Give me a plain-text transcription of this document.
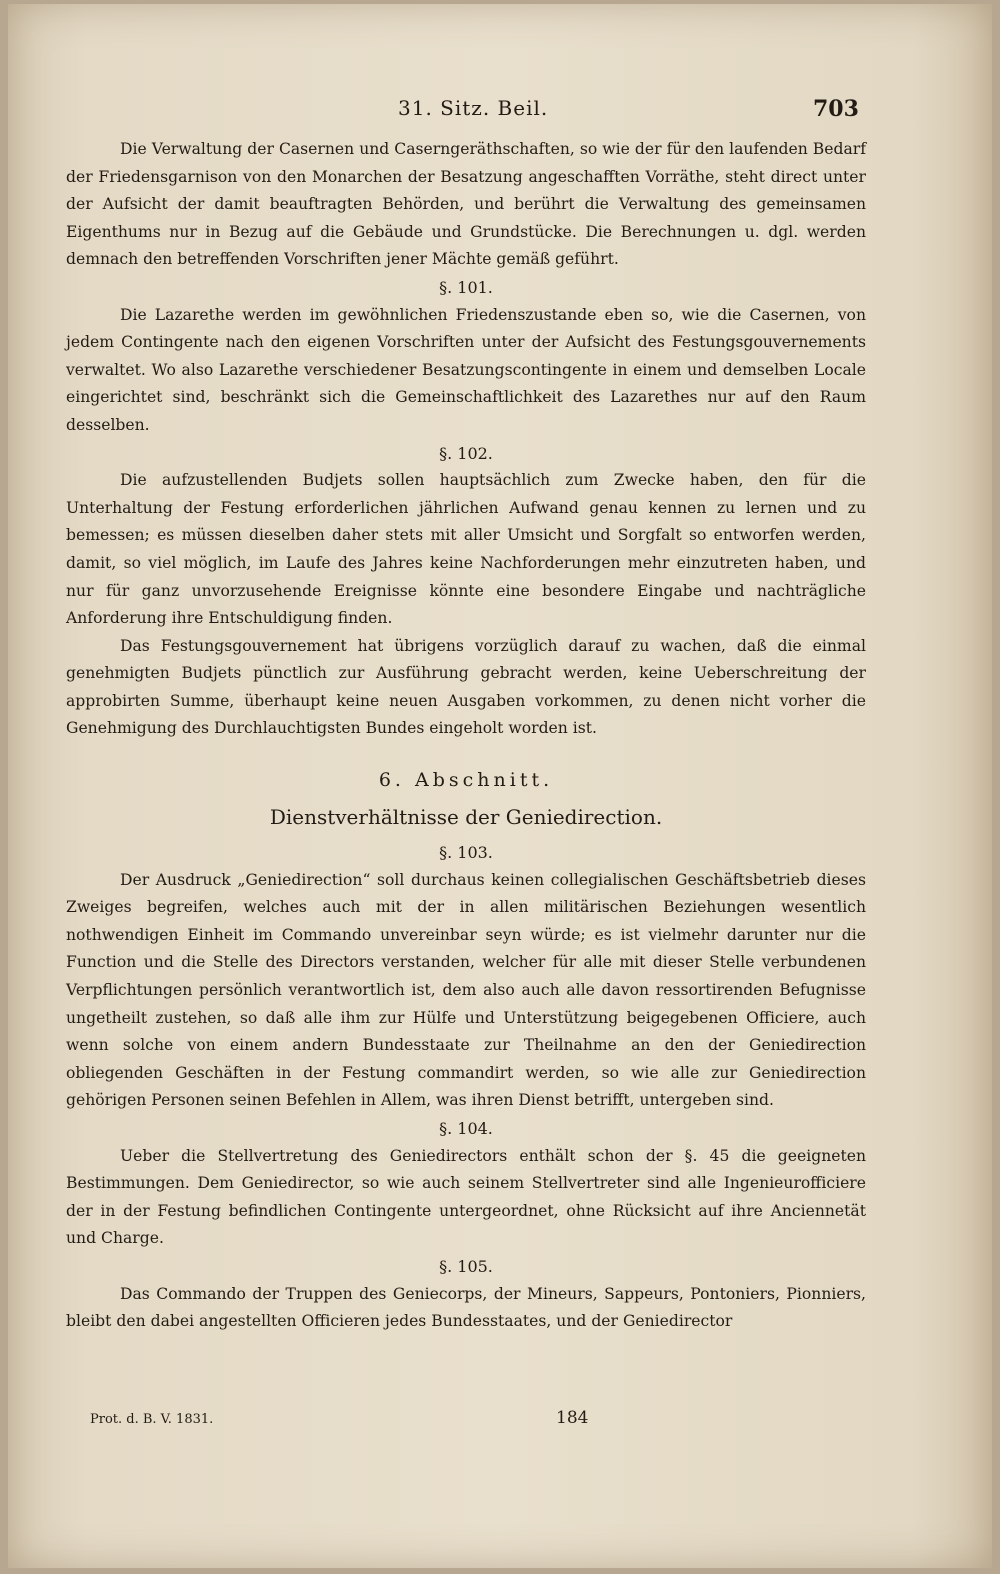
31. Sitz. Beil.	703

Die Verwaltung der Casernen und Caserngeräthschaften, so wie der für den laufenden Bedarf der Friedensgarnison von den Monarchen der Besatzung angeschafften Vorräthe, steht direct unter der Aufsicht der damit beauftragten Behörden, und berührt die Verwaltung des gemeinsamen Eigenthums nur in Bezug auf die Gebäude und Grundstücke. Die Berechnungen u. dgl. werden demnach den betreffenden Vorschriften jener Mächte gemäß geführt.

§. 101.

Die Lazarethe werden im gewöhnlichen Friedenszustande eben so, wie die Casernen, von jedem Contingente nach den eigenen Vorschriften unter der Aufsicht des Festungsgouvernements verwaltet. Wo also Lazarethe verschiedener Besatzungscontingente in einem und demselben Locale eingerichtet sind, beschränkt sich die Gemeinschaftlichkeit des Lazarethes nur auf den Raum desselben.

§. 102.

Die aufzustellenden Budjets sollen hauptsächlich zum Zwecke haben, den für die Unterhaltung der Festung erforderlichen jährlichen Aufwand genau kennen zu lernen und zu bemessen; es müssen dieselben daher stets mit aller Umsicht und Sorgfalt so entworfen werden, damit, so viel möglich, im Laufe des Jahres keine Nachforderungen mehr einzutreten haben, und nur für ganz unvorzusehende Ereignisse könnte eine besondere Eingabe und nachträgliche Anforderung ihre Entschuldigung finden.

Das Festungsgouvernement hat übrigens vorzüglich darauf zu wachen, daß die einmal genehmigten Budjets pünctlich zur Ausführung gebracht werden, keine Ueberschreitung der approbirten Summe, überhaupt keine neuen Ausgaben vorkommen, zu denen nicht vorher die Genehmigung des Durchlauchtigsten Bundes eingeholt worden ist.

6. Abschnitt.

Dienstverhältnisse der Geniedirection.

§. 103.

Der Ausdruck „Geniedirection“ soll durchaus keinen collegialischen Geschäftsbetrieb dieses Zweiges begreifen, welches auch mit der in allen militärischen Beziehungen wesentlich nothwendigen Einheit im Commando unvereinbar seyn würde; es ist vielmehr darunter nur die Function und die Stelle des Directors verstanden, welcher für alle mit dieser Stelle verbundenen Verpflichtungen persönlich verantwortlich ist, dem also auch alle davon ressortirenden Befugnisse ungetheilt zustehen, so daß alle ihm zur Hülfe und Unterstützung beigegebenen Officiere, auch wenn solche von einem andern Bundesstaate zur Theilnahme an den der Geniedirection obliegenden Geschäften in der Festung commandirt werden, so wie alle zur Geniedirection gehörigen Personen seinen Befehlen in Allem, was ihren Dienst betrifft, untergeben sind.

§. 104.

Ueber die Stellvertretung des Geniedirectors enthält schon der §. 45 die geeigneten Bestimmungen. Dem Geniedirector, so wie auch seinem Stellvertreter sind alle Ingenieurofficiere der in der Festung befindlichen Contingente untergeordnet, ohne Rücksicht auf ihre Anciennetät und Charge.

§. 105.

Das Commando der Truppen des Geniecorps, der Mineurs, Sappeurs, Pontoniers, Pionniers, bleibt den dabei angestellten Officieren jedes Bundesstaates, und der Geniedirector

Prot. d. B. V. 1831.	184
